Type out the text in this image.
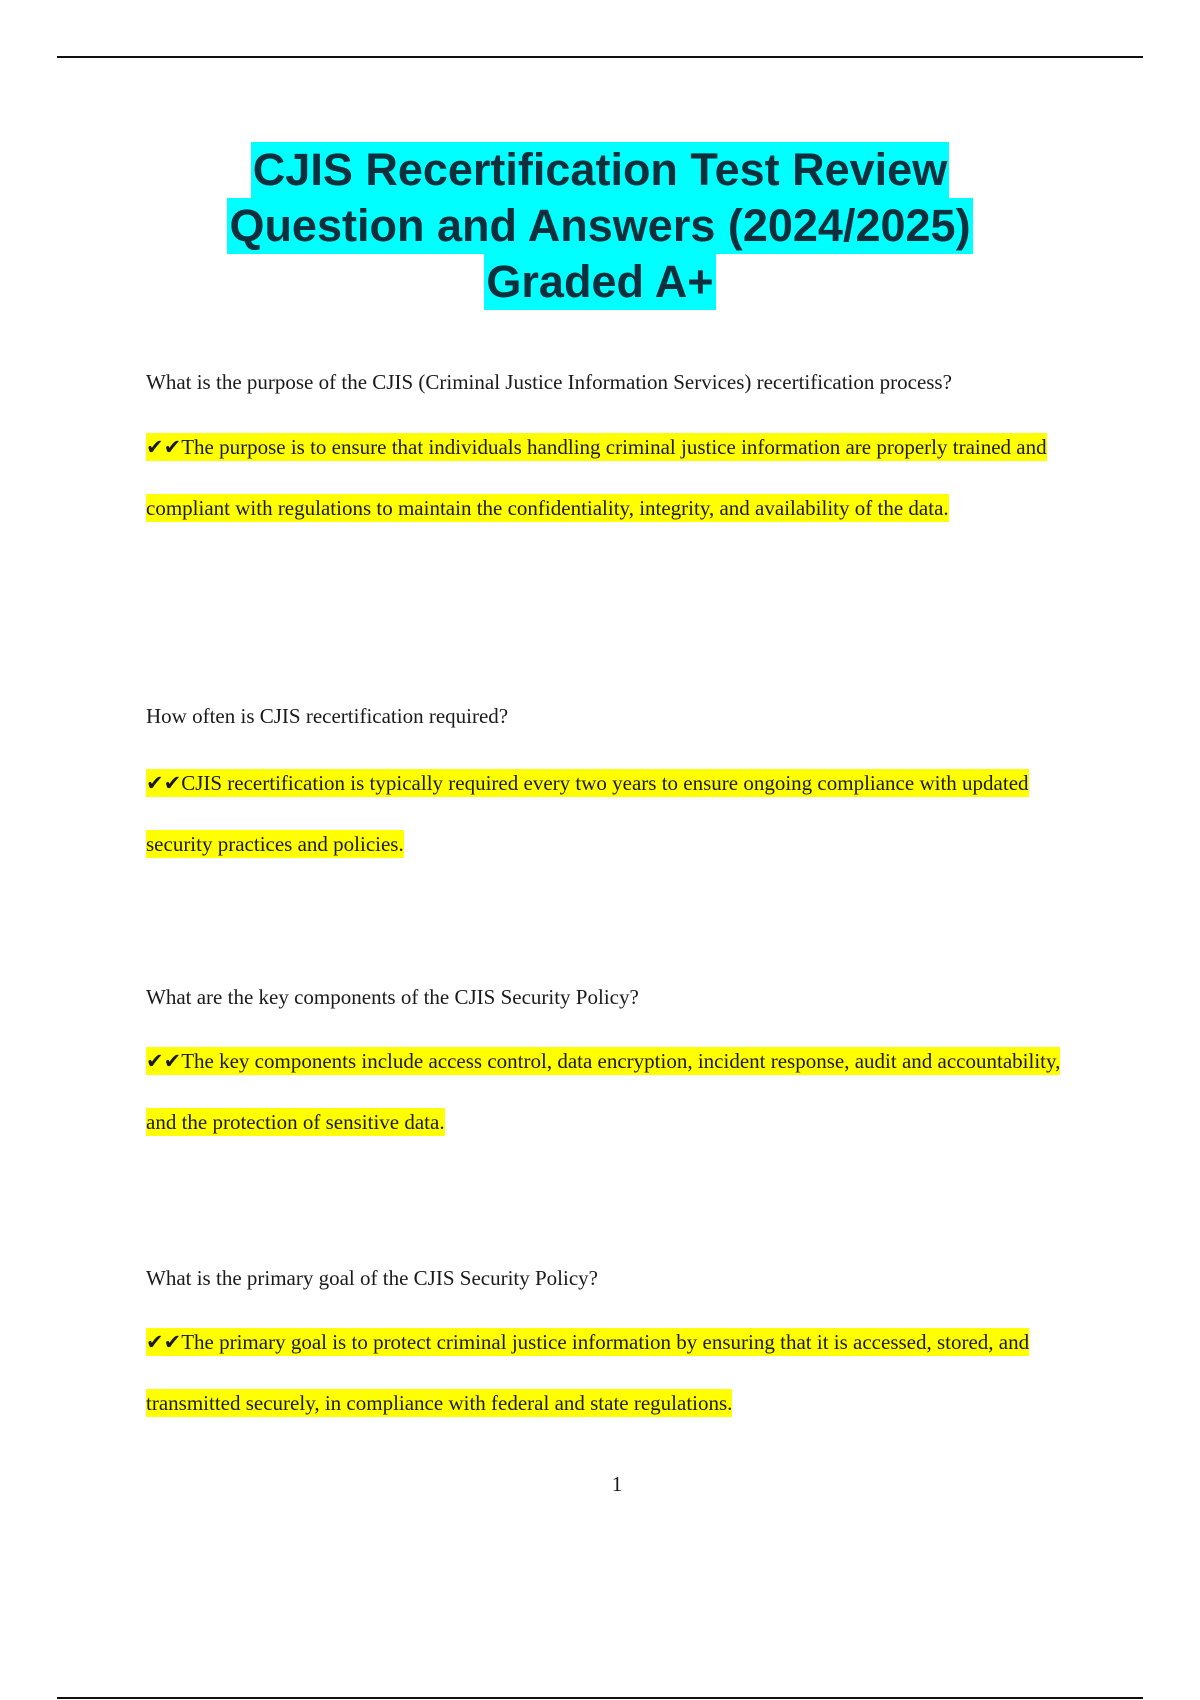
CJIS Recertification Test Review
Question and Answers (2024/2025)
Graded A+

What is the purpose of the CJIS (Criminal Justice Information Services) recertification process?

✔✔The purpose is to ensure that individuals handling criminal justice information are properly trained and compliant with regulations to maintain the confidentiality, integrity, and availability of the data.

How often is CJIS recertification required?

✔✔CJIS recertification is typically required every two years to ensure ongoing compliance with updated security practices and policies.

What are the key components of the CJIS Security Policy?

✔✔The key components include access control, data encryption, incident response, audit and accountability, and the protection of sensitive data.

What is the primary goal of the CJIS Security Policy?

✔✔The primary goal is to protect criminal justice information by ensuring that it is accessed, stored, and transmitted securely, in compliance with federal and state regulations.

1
